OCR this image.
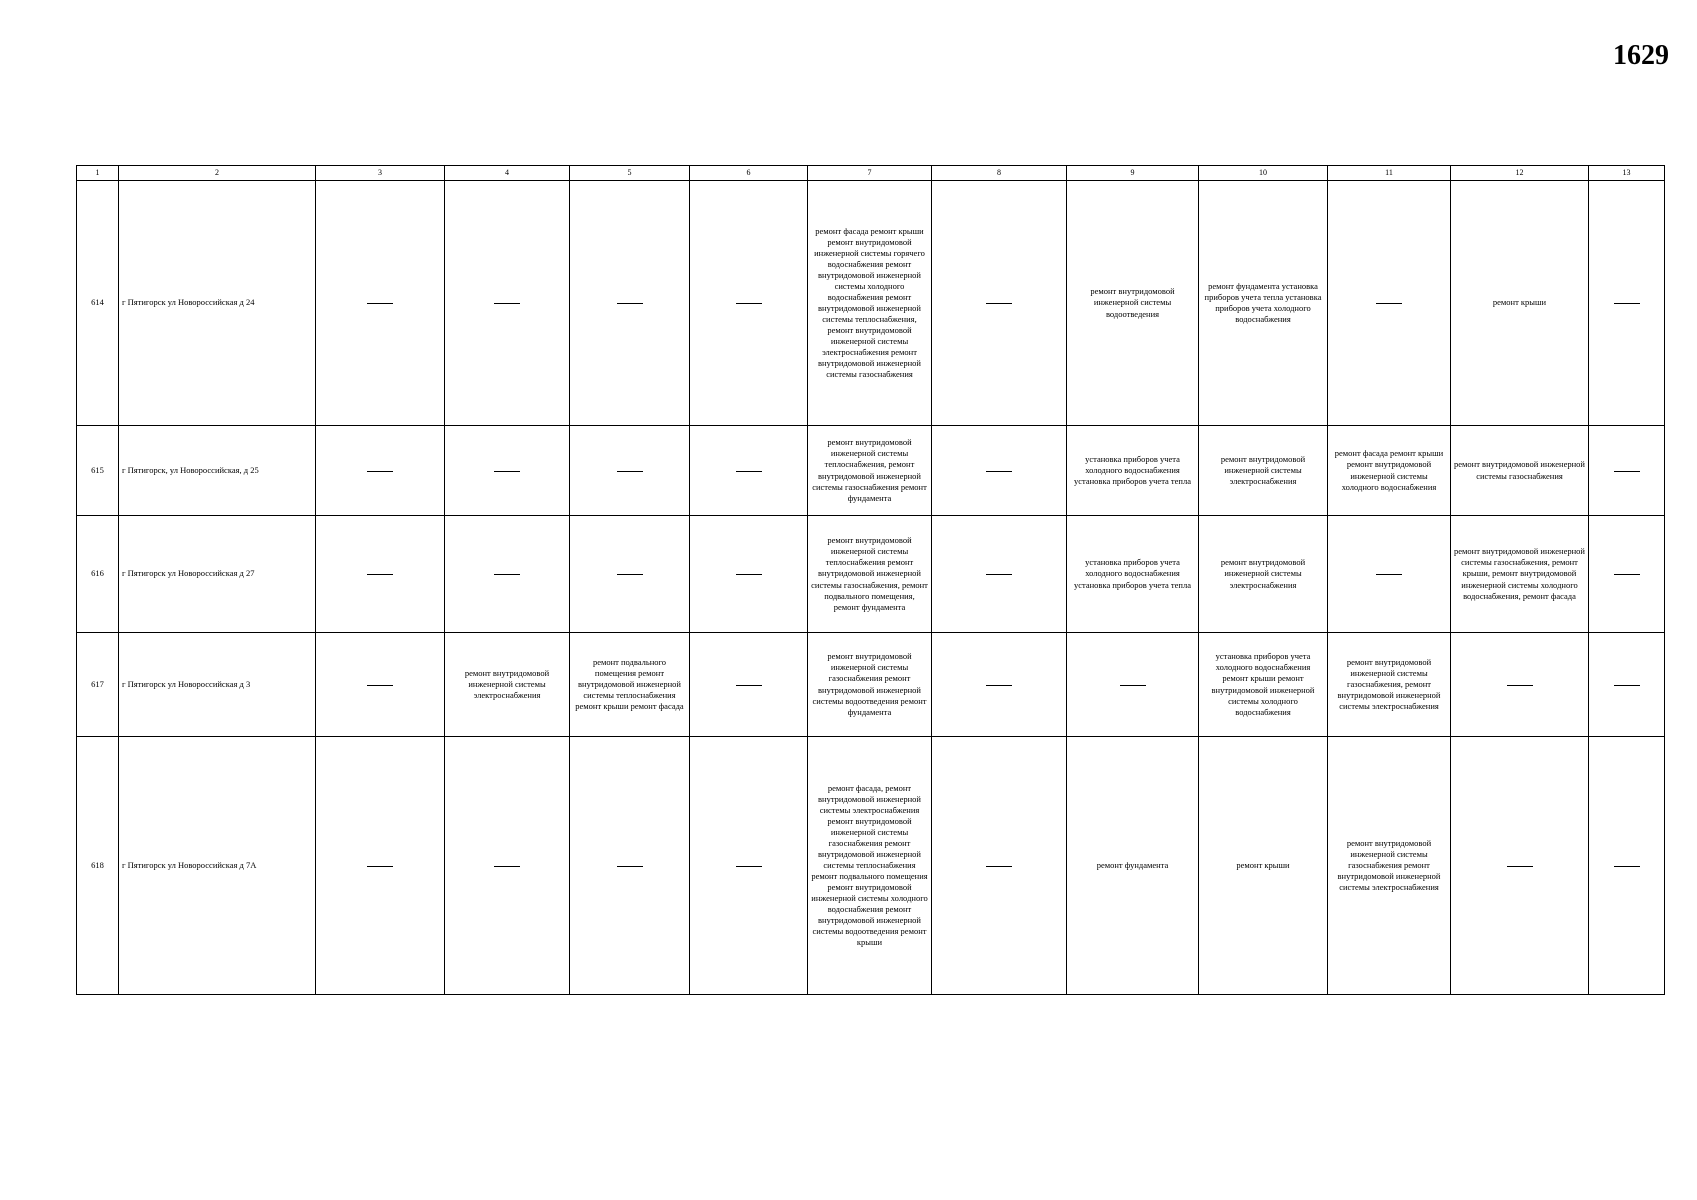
1629
1	2	3	4	5	6	7	8	9	10	11	12	13
614	г Пятигорск ул Новороссийская д 24					ремонт фасада ремонт крыши ремонт внутридомовой инженерной системы горячего водоснабжения ремонт внутридомовой инженерной системы холодного водоснабжения ремонт внутридомовой инженерной системы теплоснабжения, ремонт внутридомовой инженерной системы электроснабжения ремонт внутридомовой инженерной системы газоснабжения		ремонт внутридомовой инженерной системы водоотведения	ремонт фундамента установка приборов учета тепла установка приборов учета холодного водоснабжения		ремонт крыши	
615	г Пятигорск, ул Новороссийская, д 25					ремонт внутридомовой инженерной системы теплоснабжения, ремонт внутридомовой инженерной системы газоснабжения ремонт фундамента		установка приборов учета холодного водоснабжения установка приборов учета тепла	ремонт внутридомовой инженерной системы электроснабжения	ремонт фасада ремонт крыши ремонт внутридомовой инженерной системы холодного водоснабжения	ремонт внутридомовой инженерной системы газоснабжения	
616	г Пятигорск ул Новороссийская д 27					ремонт внутридомовой инженерной системы теплоснабжения ремонт внутридомовой инженерной системы газоснабжения, ремонт подвального помещения, ремонт фундамента		установка приборов учета холодного водоснабжения установка приборов учета тепла	ремонт внутридомовой инженерной системы электроснабжения		ремонт внутридомовой инженерной системы газоснабжения, ремонт крыши, ремонт внутридомовой инженерной системы холодного водоснабжения, ремонт фасада	
617	г Пятигорск ул Новороссийская д 3		ремонт внутридомовой инженерной системы электроснабжения	ремонт подвального помещения ремонт внутридомовой инженерной системы теплоснабжения ремонт крыши ремонт фасада		ремонт внутридомовой инженерной системы газоснабжения ремонт внутридомовой инженерной системы водоотведения ремонт фундамента			установка приборов учета холодного водоснабжения ремонт крыши ремонт внутридомовой инженерной системы холодного водоснабжения	ремонт внутридомовой инженерной системы газоснабжения, ремонт внутридомовой инженерной системы электроснабжения		
618	г Пятигорск ул Новороссийская д 7А					ремонт фасада, ремонт внутридомовой инженерной системы электроснабжения ремонт внутридомовой инженерной системы газоснабжения ремонт внутридомовой инженерной системы теплоснабжения ремонт подвального помещения ремонт внутридомовой инженерной системы холодного водоснабжения ремонт внутридомовой инженерной системы водоотведения ремонт крыши		ремонт фундамента	ремонт крыши	ремонт внутридомовой инженерной системы газоснабжения ремонт внутридомовой инженерной системы электроснабжения		
